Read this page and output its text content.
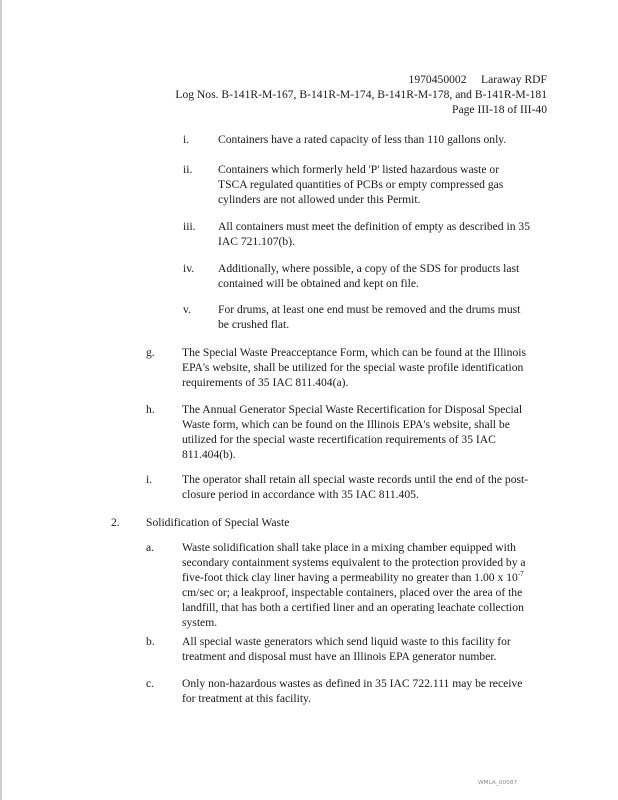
1970450002     Laraway RDF
Log Nos. B-141R-M-167, B-141R-M-174, B-141R-M-178, and B-141R-M-181
Page III-18 of III-40
i. Containers have a rated capacity of less than 110 gallons only.
ii. Containers which formerly held 'P' listed hazardous waste or
TSCA regulated quantities of PCBs or empty compressed gas
cylinders are not allowed under this Permit.
iii. All containers must meet the definition of empty as described in 35
IAC 721.107(b).
iv. Additionally, where possible, a copy of the SDS for products last
contained will be obtained and kept on file.
v. For drums, at least one end must be removed and the drums must
be crushed flat.
g. The Special Waste Preacceptance Form, which can be found at the Illinois
EPA's website, shall be utilized for the special waste profile identification
requirements of 35 IAC 811.404(a).
h. The Annual Generator Special Waste Recertification for Disposal Special
Waste form, which can be found on the Illinois EPA's website, shall be
utilized for the special waste recertification requirements of 35 IAC
811.404(b).
i.	The operator shall retain all special waste records until the end of the post-
closure period in accordance with 35 IAC 811.405.
2. Solidification of Special Waste
a. Waste solidification shall take place in a mixing chamber equipped with
secondary containment systems equivalent to the protection provided by a
five-foot thick clay liner having a permeability no greater than 1.00 x $10^{-7}$
cm/sec or; a leakproof, inspectable containers, placed over the area of the
landfill, that has both a certified liner and an operating leachate collection
system.
b. All special waste generators which send liquid waste to this facility for
treatment and disposal must have an Illinois EPA generator number.
c. Only non-hazardous wastes as defined in 35 IAC 722.111 may be receive
for treatment at this facility.
WMLA_00087
